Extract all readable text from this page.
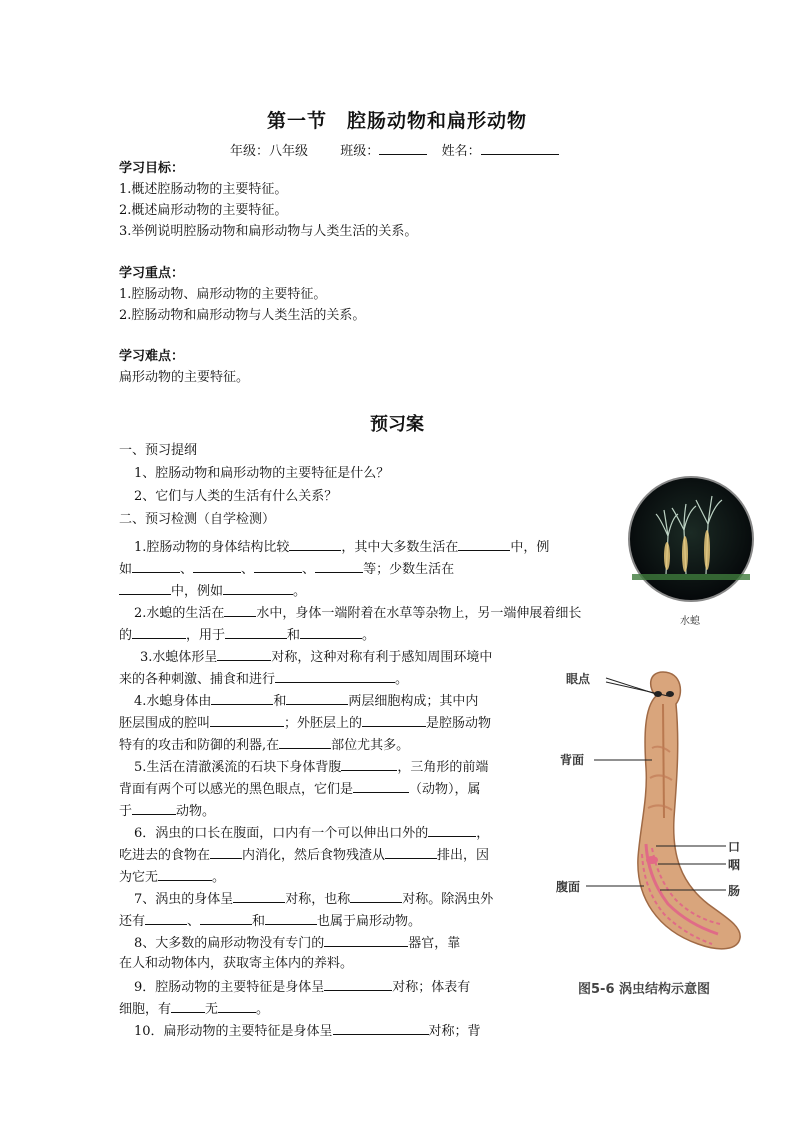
第一节　腔肠动物和扁形动物
年级：八年级 班级：	姓名：
学习目标：
1.概述腔肠动物的主要特征。
2.概述扁形动物的主要特征。
3.举例说明腔肠动物和扁形动物与人类生活的关系。
学习重点：
1.腔肠动物、扁形动物的主要特征。
2.腔肠动物和扁形动物与人类生活的关系。
学习难点：
扁形动物的主要特征。
预习案
一、预习提纲
1、腔肠动物和扁形动物的主要特征是什么？
2、它们与人类的生活有什么关系？
二、预习检测（自学检测）
1.腔肠动物的身体结构比较	，其中大多数生活在	中，例
如	、	、	、	等；少数生活在
中，例如	。
2.水螅的生活在 水中，身体一端附着在水草等杂物上，另一端伸展着细长
的	，用于	和	。
3.水螅体形呈	对称，这种对称有利于感知周围环境中
来的各种刺激、捕食和进行	。
4.水螅身体由	和	两层细胞构成；其中内
胚层围成的腔叫	；外胚层上的	是腔肠动物
特有的攻击和防御的利器,在	部位尤其多。
5.生活在清澈溪流的石块下身体背腹	，三角形的前端
背面有两个可以感光的黑色眼点，它们是	（动物），属
于	动物。
6．涡虫的口长在腹面，口内有一个可以伸出口外的	，
吃进去的食物在 内消化，然后食物残渣从	排出，因
为它无	。
7、涡虫的身体呈	对称，也称	对称。除涡虫外
还有	、	和	也属于扁形动物。
8、大多数的扁形动物没有专门的	器官，靠
在人和动物体内，获取寄主体内的养料。
9．腔肠动物的主要特征是身体呈	对称；体表有
细胞，有	无	。
10．扁形动物的主要特征是身体呈	对称；背
水螅
眼点
背面
口
咽
腹面	肠
图5-6 涡虫结构示意图
